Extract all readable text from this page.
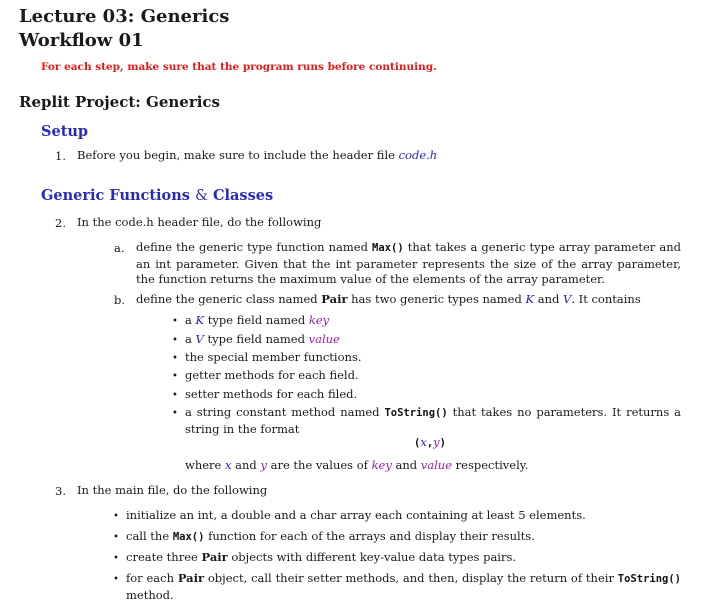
Lecture 03: Generics
Workflow 01
For each step, make sure that the program runs before continuing.
Replit Project: Generics
Setup
1. Before you begin, make sure to include the header file code.h
Generic Functions & Classes
2. In the code.h header file, do the following
a. define the generic type function named Max() that takes a generic type array parameter and an int parameter. Given that the int parameter represents the size of the array parameter, the function returns the maximum value of the elements of the array parameter.
b. define the generic class named Pair has two generic types named K and V. It contains
• a K type field named key
• a V type field named value
• the special member functions.
• getter methods for each field.
• setter methods for each filed.
• a string constant method named ToString() that takes no parameters. It returns a string in the format
(x,y)
where x and y are the values of key and value respectively.
3. In the main file, do the following
• initialize an int, a double and a char array each containing at least 5 elements.
• call the Max() function for each of the arrays and display their results.
• create three Pair objects with different key-value data types pairs.
• for each Pair object, call their setter methods, and then, display the return of their ToString() method.
